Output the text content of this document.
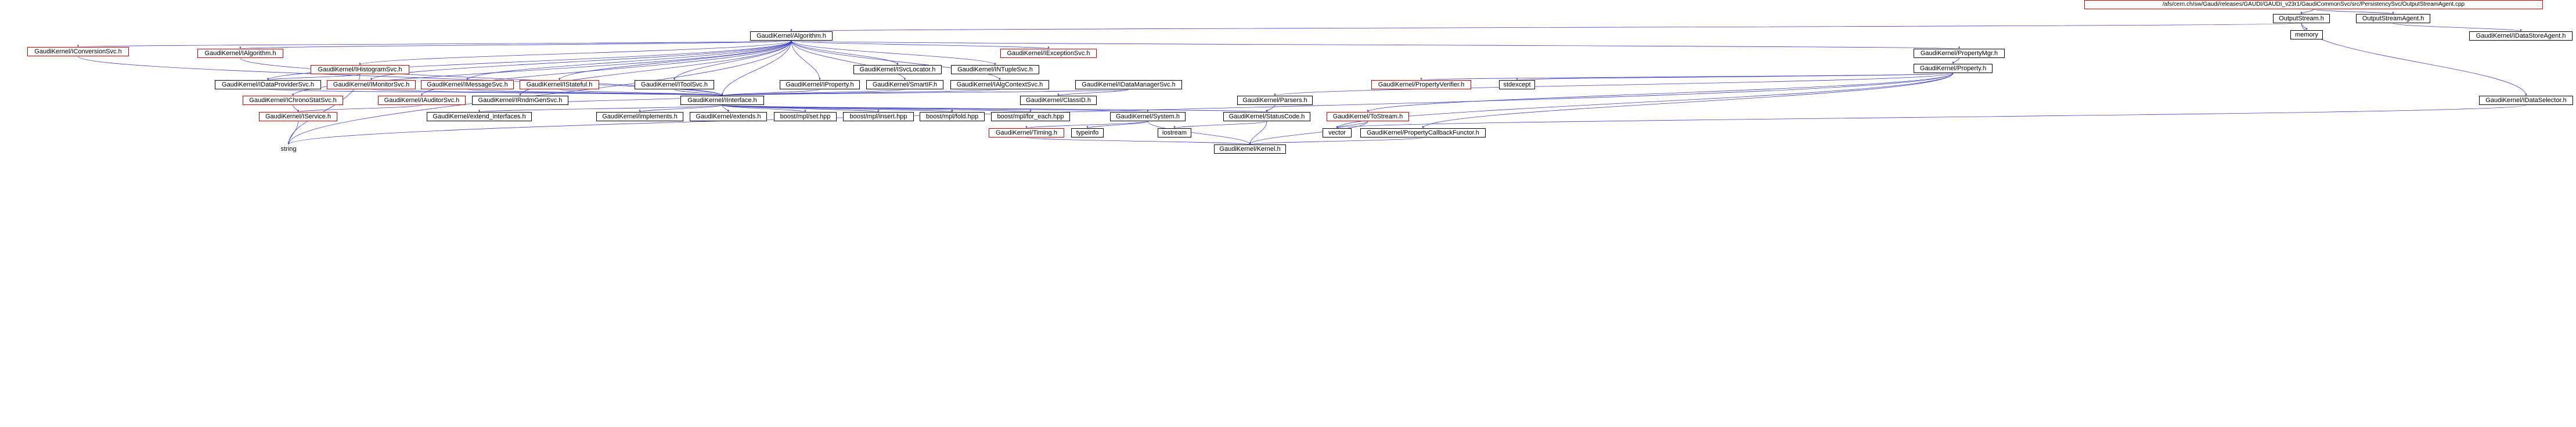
/afs/cern.ch/sw/Gaudi/releases/GAUDI/GAUDI_v23r1/GaudiCommonSvc/src/PersistencySvc/OutputStreamAgent.cpp
OutputStream.h	OutputStreamAgent.h
memory	GaudiKernel/IDataStoreAgent.h
GaudiKernel/Algorithm.h
GaudiKernel/IConversionSvc.h	GaudiKernel/IAlgorithm.h	GaudiKernel/IExceptionSvc.h	GaudiKernel/PropertyMgr.h
GaudiKernel/IHistogramSvc.h	GaudiKernel/ISvcLocator.h	GaudiKernel/INTupleSvc.h	GaudiKernel/Property.h
GaudiKernel/IDataProviderSvc.h	GaudiKernel/IMonitorSvc.h	GaudiKernel/IMessageSvc.h	GaudiKernel/IStateful.h	GaudiKernel/IToolSvc.h	GaudiKernel/IProperty.h	GaudiKernel/SmartIF.h	GaudiKernel/IAlgContextSvc.h	GaudiKernel/IDataManagerSvc.h	GaudiKernel/PropertyVerifier.h	stdexcept
GaudiKernel/IChronoStatSvc.h	GaudiKernel/IAuditorSvc.h	GaudiKernel/IRndmGenSvc.h	GaudiKernel/IInterface.h	GaudiKernel/ClassID.h	GaudiKernel/Parsers.h	GaudiKernel/IDataSelector.h
GaudiKernel/IService.h	GaudiKernel/extend_interfaces.h	GaudiKernel/implements.h	GaudiKernel/extends.h	boost/mpl/set.hpp	boost/mpl/insert.hpp	boost/mpl/fold.hpp	boost/mpl/for_each.hpp	GaudiKernel/System.h	GaudiKernel/StatusCode.h	GaudiKernel/ToStream.h
GaudiKernel/Timing.h	typeinfo	iostream	vector	GaudiKernel/PropertyCallbackFunctor.h
GaudiKernel/Kernel.h
string
